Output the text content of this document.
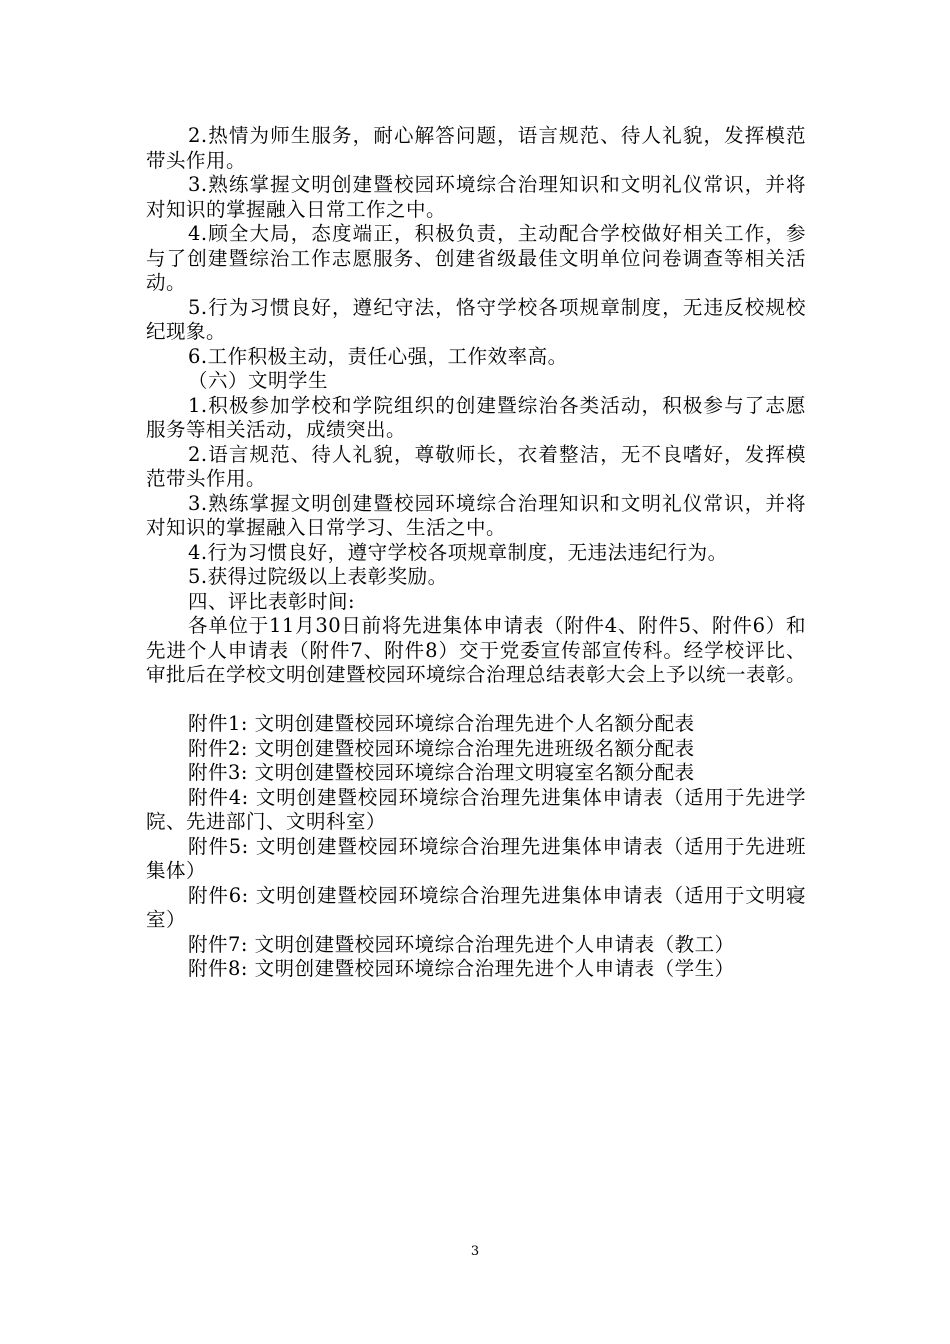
2.热情为师生服务，耐心解答问题，语言规范、待人礼貌，发挥模范带头作用。

3.熟练掌握文明创建暨校园环境综合治理知识和文明礼仪常识，并将对知识的掌握融入日常工作之中。

4.顾全大局，态度端正，积极负责，主动配合学校做好相关工作，参与了创建暨综治工作志愿服务、创建省级最佳文明单位问卷调查等相关活动。

5.行为习惯良好，遵纪守法，恪守学校各项规章制度，无违反校规校纪现象。

6.工作积极主动，责任心强，工作效率高。

（六）文明学生

1.积极参加学校和学院组织的创建暨综治各类活动，积极参与了志愿服务等相关活动，成绩突出。

2.语言规范、待人礼貌，尊敬师长，衣着整洁，无不良嗜好，发挥模范带头作用。

3.熟练掌握文明创建暨校园环境综合治理知识和文明礼仪常识，并将对知识的掌握融入日常学习、生活之中。

4.行为习惯良好，遵守学校各项规章制度，无违法违纪行为。

5.获得过院级以上表彰奖励。

四、评比表彰时间:

各单位于11月30日前将先进集体申请表（附件4、附件5、附件6）和先进个人申请表（附件7、附件8）交于党委宣传部宣传科。经学校评比、审批后在学校文明创建暨校园环境综合治理总结表彰大会上予以统一表彰。

附件1: 文明创建暨校园环境综合治理先进个人名额分配表

附件2: 文明创建暨校园环境综合治理先进班级名额分配表

附件3: 文明创建暨校园环境综合治理文明寝室名额分配表

附件4: 文明创建暨校园环境综合治理先进集体申请表（适用于先进学院、先进部门、文明科室）

附件5: 文明创建暨校园环境综合治理先进集体申请表（适用于先进班集体）

附件6: 文明创建暨校园环境综合治理先进集体申请表（适用于文明寝室）

附件7: 文明创建暨校园环境综合治理先进个人申请表（教工）

附件8: 文明创建暨校园环境综合治理先进个人申请表（学生）

3
